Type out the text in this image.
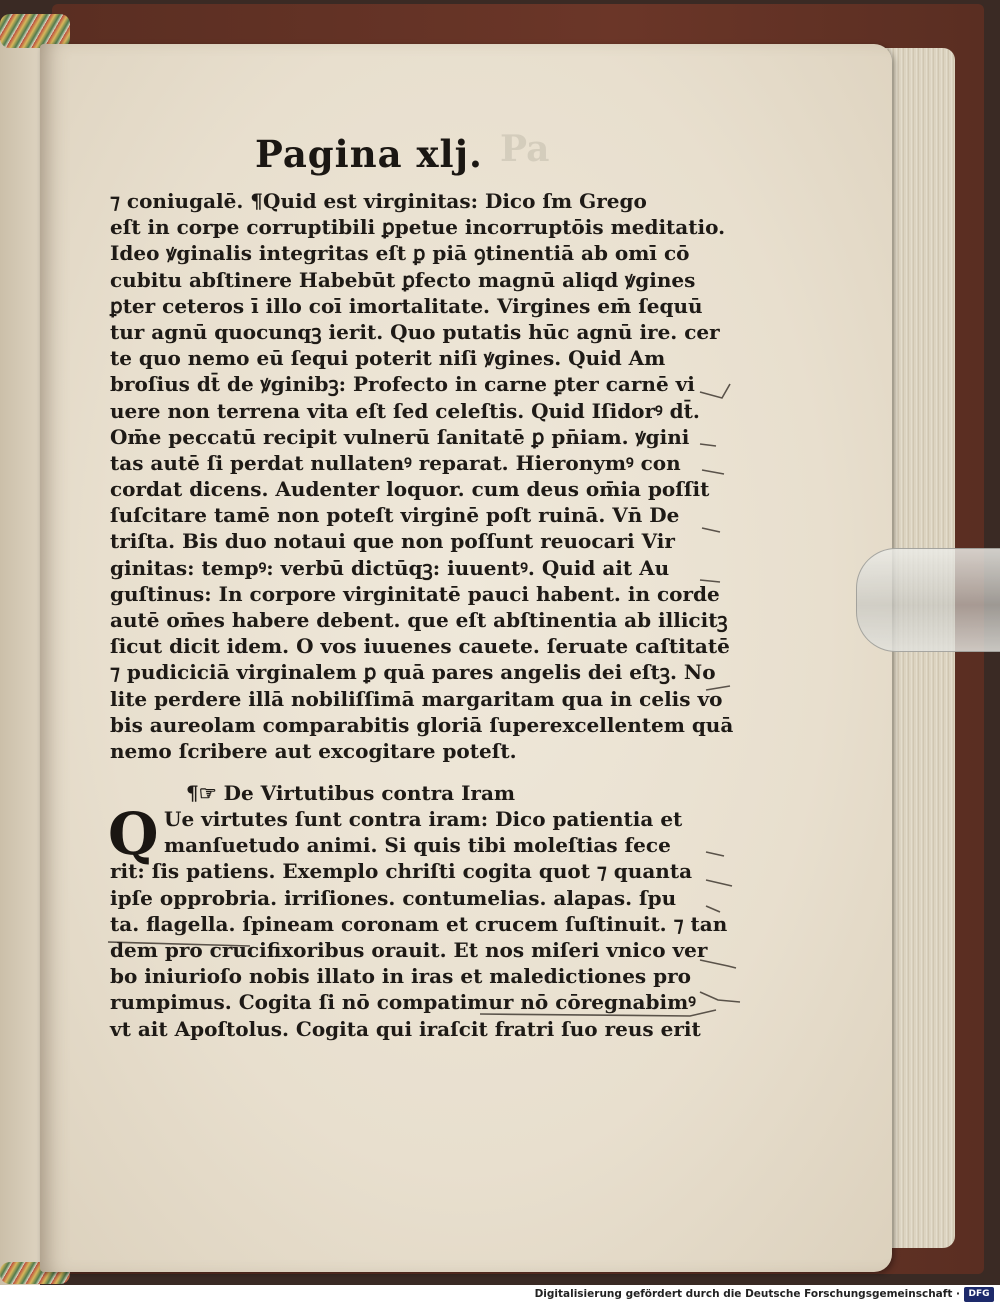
Pa
Pagina xlj.
⁊ coniugalē. ¶Quid est virginitas: Dico ſm Grego
eſt in corpe corruptibili ꝑpetue incorruptōis meditatio.
Ideo ꝟginalis integritas eſt ꝑ piā ꝯtinentiā ab omī cō
cubitu abſtinere Habebūt ꝑfecto magnū aliqd ꝟgines
ꝑter ceteros ī illo coī imortalitate. Virgines em̄ ſequū
tur agnū quocunqꝫ ierit. Quo putatis hūc agnū ire. cer
te quo nemo eū ſequi poterit niſi ꝟgines. Quid Am
broſius dt̄ de ꝟginibꝫ: Profecto in carne ꝑter carnē vi
uere non terrena vita eſt ſed celeſtis. Quid Iſidorꝰ dt̄.
Om̄e peccatū recipit vulnerū ſanitatē ꝑ pn̄iam. ꝟgini
tas autē ſi perdat nullatenꝰ reparat. Hieronymꝰ con
cordat dicens. Audenter loquor. cum deus om̄ia poſſit
ſuſcitare tamē non poteſt virginē poſt ruinā. Vn̄ De
triſta. Bis duo notaui que non poſſunt reuocari Vir
ginitas: tempꝰ: verbū dictūqꝫ: iuuentꝰ. Quid ait Au
guſtinus: In corpore virginitatē pauci habent. in corde
autē om̄es habere debent. que eſt abſtinentia ab illicitꝫ
ſicut dicit idem. O vos iuuenes cauete. ſeruate caſtitatē
⁊ pudiciciā virginalem ꝑ quā pares angelis dei eſtꝫ. No
lite perdere illā nobiliſſimā margaritam qua in celis vo
bis aureolam comparabitis gloriā ſuperexcellentem quā
nemo ſcribere aut excogitare poteſt.
¶☞ De Virtutibus contra Iram
Q Ue virtutes ſunt contra iram: Dico patientia et
manſuetudo animi. Si quis tibi moleſtias fece
rit: ſis patiens. Exemplo chriſti cogita quot ⁊ quanta
ipſe opprobria. irriſiones. contumelias. alapas. ſpu
ta. flagella. ſpineam coronam et crucem ſuſtinuit. ⁊ tan
dem pro crucifixoribus orauit. Et nos miſeri vnico ver
bo iniurioſo nobis illato in iras et maledictiones pro
rumpimus. Cogita ſi nō compatimur nō cōregnabimꝰ
vt ait Apoſtolus. Cogita qui iraſcit fratri ſuo reus erit
Digitalisierung gefördert durch die Deutsche Forschungsgemeinschaft · DFG
